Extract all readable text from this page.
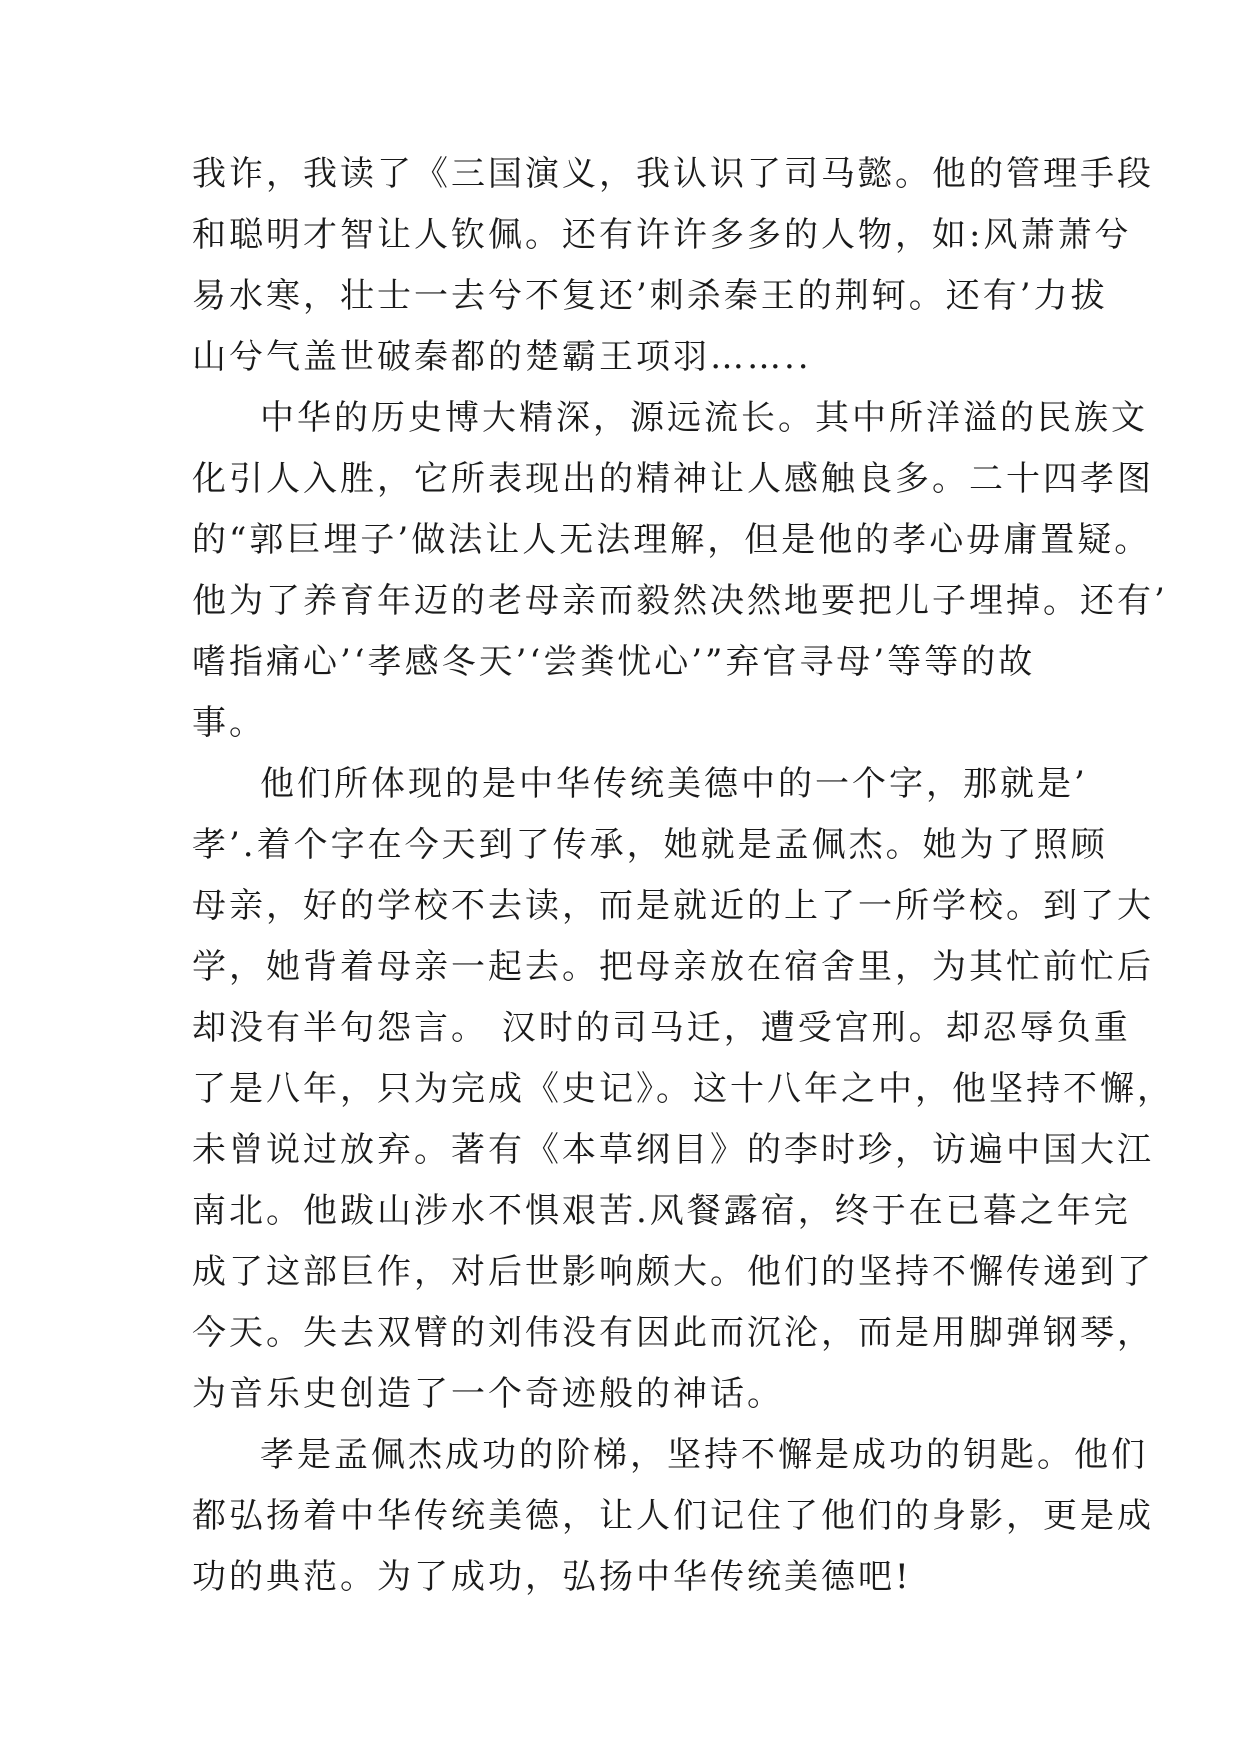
我诈，我读了《三国演义，我认识了司马懿。他的管理手段
和聪明才智让人钦佩。还有许许多多的人物，如:风萧萧兮
易水寒，壮士一去兮不复还’刺杀秦王的荆轲。还有’力拔
山兮气盖世破秦都的楚霸王项羽……..
中华的历史博大精深，源远流长。其中所洋溢的民族文
化引人入胜，它所表现出的精神让人感触良多。二十四孝图
的“郭巨埋子’做法让人无法理解，但是他的孝心毋庸置疑。
他为了养育年迈的老母亲而毅然决然地要把儿子埋掉。还有’
嗜指痛心’‘孝感冬天’‘尝粪忧心’”弃官寻母’等等的故
事。
他们所体现的是中华传统美德中的一个字，那就是’
孝’.着个字在今天到了传承，她就是孟佩杰。她为了照顾
母亲，好的学校不去读，而是就近的上了一所学校。到了大
学，她背着母亲一起去。把母亲放在宿舍里，为其忙前忙后
却没有半句怨言。 汉时的司马迁，遭受宫刑。却忍辱负重
了是八年，只为完成《史记》。这十八年之中，他坚持不懈，
未曾说过放弃。著有《本草纲目》的李时珍，访遍中国大江
南北。他跋山涉水不惧艰苦.风餐露宿，终于在已暮之年完
成了这部巨作，对后世影响颇大。他们的坚持不懈传递到了
今天。失去双臂的刘伟没有因此而沉沦，而是用脚弹钢琴，
为音乐史创造了一个奇迹般的神话。
孝是孟佩杰成功的阶梯，坚持不懈是成功的钥匙。他们
都弘扬着中华传统美德，让人们记住了他们的身影，更是成
功的典范。为了成功，弘扬中华传统美德吧!
